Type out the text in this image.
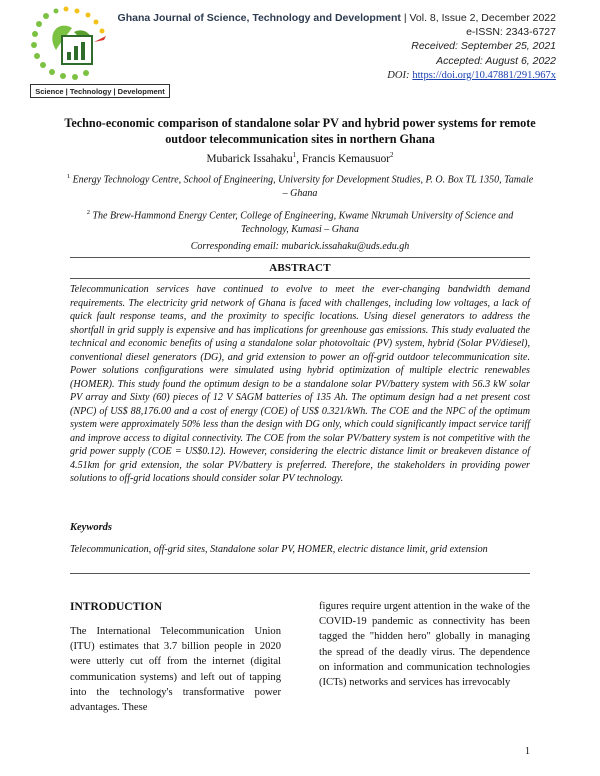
Science | Technology | Development
Ghana Journal of Science, Technology and Development | Vol. 8, Issue 2, December 2022
e-ISSN: 2343-6727
Received: September 25, 2021
Accepted: August 6, 2022
DOI: https://doi.org/10.47881/291.967x
Techno-economic comparison of standalone solar PV and hybrid power systems for remote outdoor telecommunication sites in northern Ghana
Mubarick Issahaku$^1$, Francis Kemausuor$^2$
$^1$ Energy Technology Centre, School of Engineering, University for Development Studies, P. O. Box TL 1350, Tamale – Ghana
$^2$ The Brew-Hammond Energy Center, College of Engineering, Kwame Nkrumah University of Science and Technology, Kumasi – Ghana
Corresponding email: mubarick.issahaku@uds.edu.gh
ABSTRACT
Telecommunication services have continued to evolve to meet the ever-changing bandwidth demand requirements. The electricity grid network of Ghana is faced with challenges, including low voltages, a lack of quick fault response teams, and the proximity to specific locations. Using diesel generators to address the shortfall in grid supply is expensive and has implications for greenhouse gas emissions. This study evaluated the technical and economic benefits of using a standalone solar photovoltaic (PV) system, hybrid (Solar PV/diesel), conventional diesel generators (DG), and grid extension to power an off-grid outdoor telecommunication site. Power solutions configurations were simulated using hybrid optimization of multiple electric renewables (HOMER). This study found the optimum design to be a standalone solar PV/battery system with 56.3 kW solar PV array and Sixty (60) pieces of 12 V SAGM batteries of 135 Ah. The optimum design had a net present cost (NPC) of US$ 88,176.00 and a cost of energy (COE) of US$ 0.321/kWh. The COE and the NPC of the optimum system were approximately 50% less than the design with DG only, which could significantly impact service tariff and improve access to digital connectivity. The COE from the solar PV/battery system is not competitive with the grid power supply (COE = US$0.12). However, considering the electric distance limit or breakeven distance of 4.51km for grid extension, the solar PV/battery is preferred. Therefore, the stakeholders in providing power solutions to off-grid locations should consider solar PV technology.
Keywords
Telecommunication, off-grid sites, Standalone solar PV, HOMER, electric distance limit, grid extension
INTRODUCTION
The International Telecommunication Union (ITU) estimates that 3.7 billion people in 2020 were utterly cut off from the internet (digital communication systems) and left out of tapping into the technology's transformative power advantages. These
figures require urgent attention in the wake of the COVID-19 pandemic as connectivity has been tagged the "hidden hero" globally in managing the spread of the deadly virus. The dependence on information and communication technologies (ICTs) networks and services has irrevocably
1
